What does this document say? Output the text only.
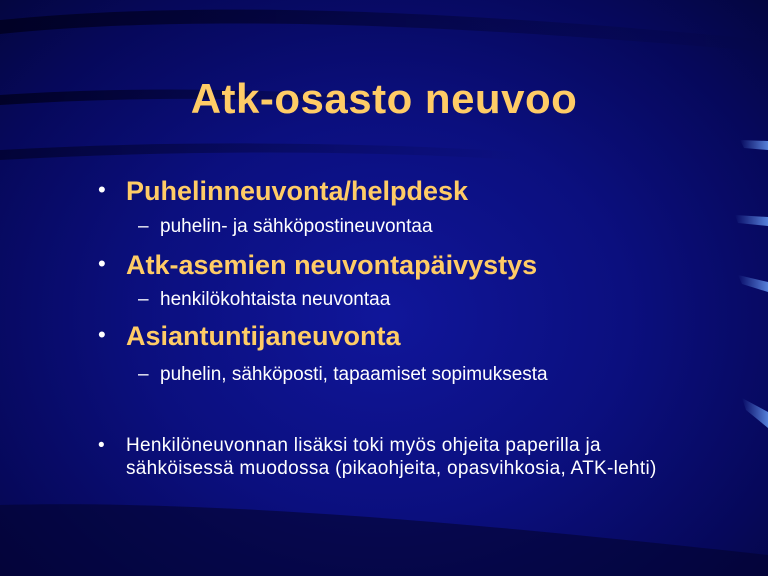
Atk-osasto neuvoo
• Puhelinneuvonta/helpdesk
– puhelin- ja sähköpostineuvontaa
• Atk-asemien neuvontapäivystys
– henkilökohtaista neuvontaa
• Asiantuntijaneuvonta
– puhelin, sähköposti, tapaamiset sopimuksesta
• Henkilöneuvonnan lisäksi toki myös ohjeita paperilla ja
sähköisessä muodossa (pikaohjeita, opasvihkosia, ATK-lehti)
